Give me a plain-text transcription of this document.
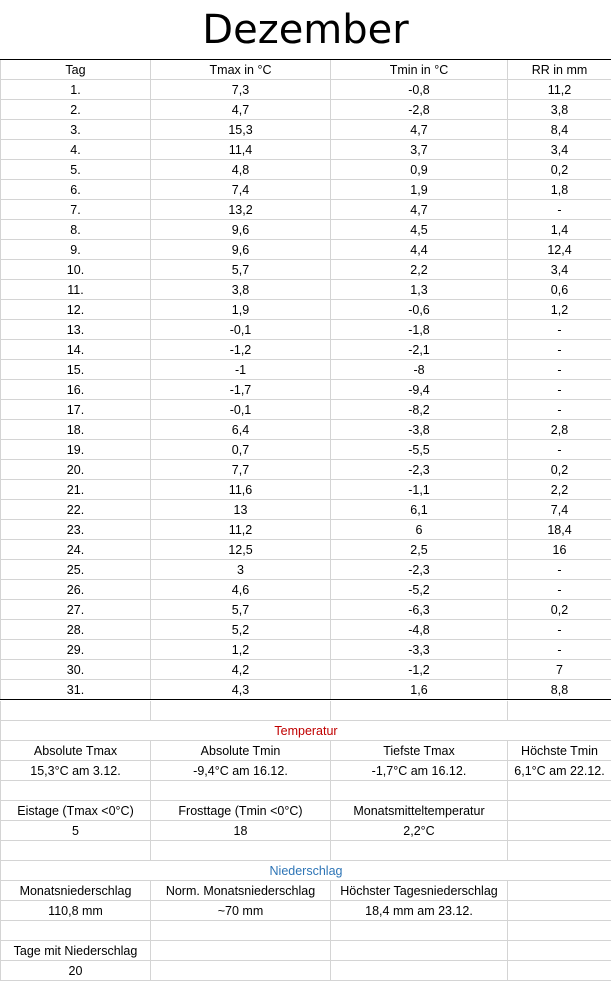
Dezember
Tag	Tmax in °C	Tmin in °C	RR in mm
1.	7,3	-0,8	11,2
2.	4,7	-2,8	3,8
3.	15,3	4,7	8,4
4.	11,4	3,7	3,4
5.	4,8	0,9	0,2
6.	7,4	1,9	1,8
7.	13,2	4,7	-
8.	9,6	4,5	1,4
9.	9,6	4,4	12,4
10.	5,7	2,2	3,4
11.	3,8	1,3	0,6
12.	1,9	-0,6	1,2
13.	-0,1	-1,8	-
14.	-1,2	-2,1	-
15.	-1	-8	-
16.	-1,7	-9,4	-
17.	-0,1	-8,2	-
18.	6,4	-3,8	2,8
19.	0,7	-5,5	-
20.	7,7	-2,3	0,2
21.	11,6	-1,1	2,2
22.	13	6,1	7,4
23.	11,2	6	18,4
24.	12,5	2,5	16
25.	3	-2,3	-
26.	4,6	-5,2	-
27.	5,7	-6,3	0,2
28.	5,2	-4,8	-
29.	1,2	-3,3	-
30.	4,2	-1,2	7
31.	4,3	1,6	8,8

Temperatur			
Absolute Tmax	Absolute Tmin	Tiefste Tmax	Höchste Tmin
15,3°C am 3.12.	-9,4°C am 16.12.	-1,7°C am 16.12.	6,1°C am 22.12.

Eistage (Tmax <0°C)	Frosttage (Tmin <0°C)	Monatsmitteltemperatur	
5	18	2,2°C	

Niederschlag			
Monatsniederschlag	Norm. Monatsniederschlag	Höchster Tagesniederschlag	
110,8 mm	~70 mm	18,4 mm am 23.12.	

Tage mit Niederschlag			
20			
